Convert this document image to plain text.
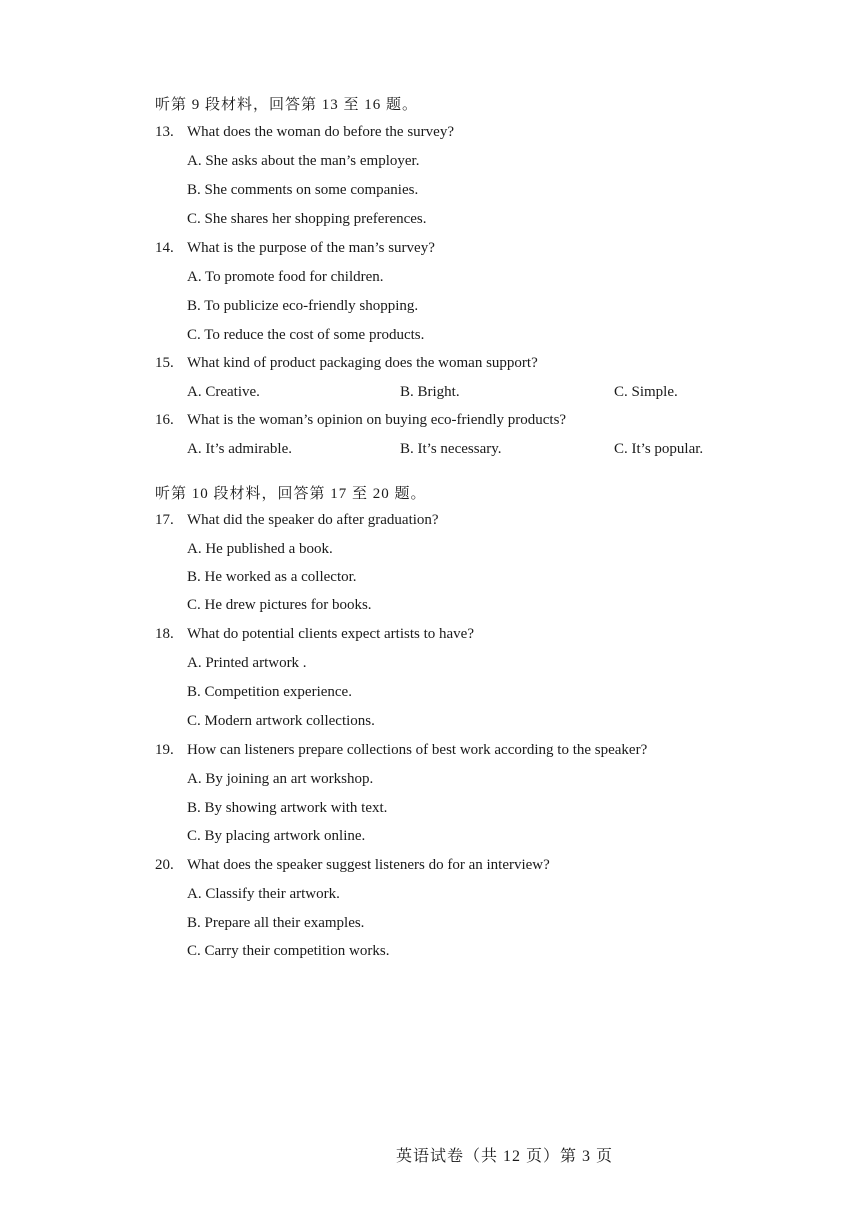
听第 9 段材料，回答第 13 至 16 题。
13. What does the woman do before the survey?
A. She asks about the man’s employer.
B. She comments on some companies.
C. She shares her shopping preferences.
14. What is the purpose of the man’s survey?
A. To promote food for children.
B. To publicize eco-friendly shopping.
C. To reduce the cost of some products.
15. What kind of product packaging does the woman support?
A. Creative.	B. Bright.	C. Simple.
16. What is the woman’s opinion on buying eco-friendly products?
A. It’s admirable.	B. It’s necessary.	C. It’s popular.
听第 10 段材料，回答第 17 至 20 题。
17. What did the speaker do after graduation?
A. He published a book.
B. He worked as a collector.
C. He drew pictures for books.
18. What do potential clients expect artists to have?
A. Printed artwork .
B. Competition experience.
C. Modern artwork collections.
19. How can listeners prepare collections of best work according to the speaker?
A. By joining an art workshop.
B. By showing artwork with text.
C. By placing artwork online.
20. What does the speaker suggest listeners do for an interview?
A. Classify their artwork.
B. Prepare all their examples.
C. Carry their competition works.
英语试卷（共 12 页）第 3 页
